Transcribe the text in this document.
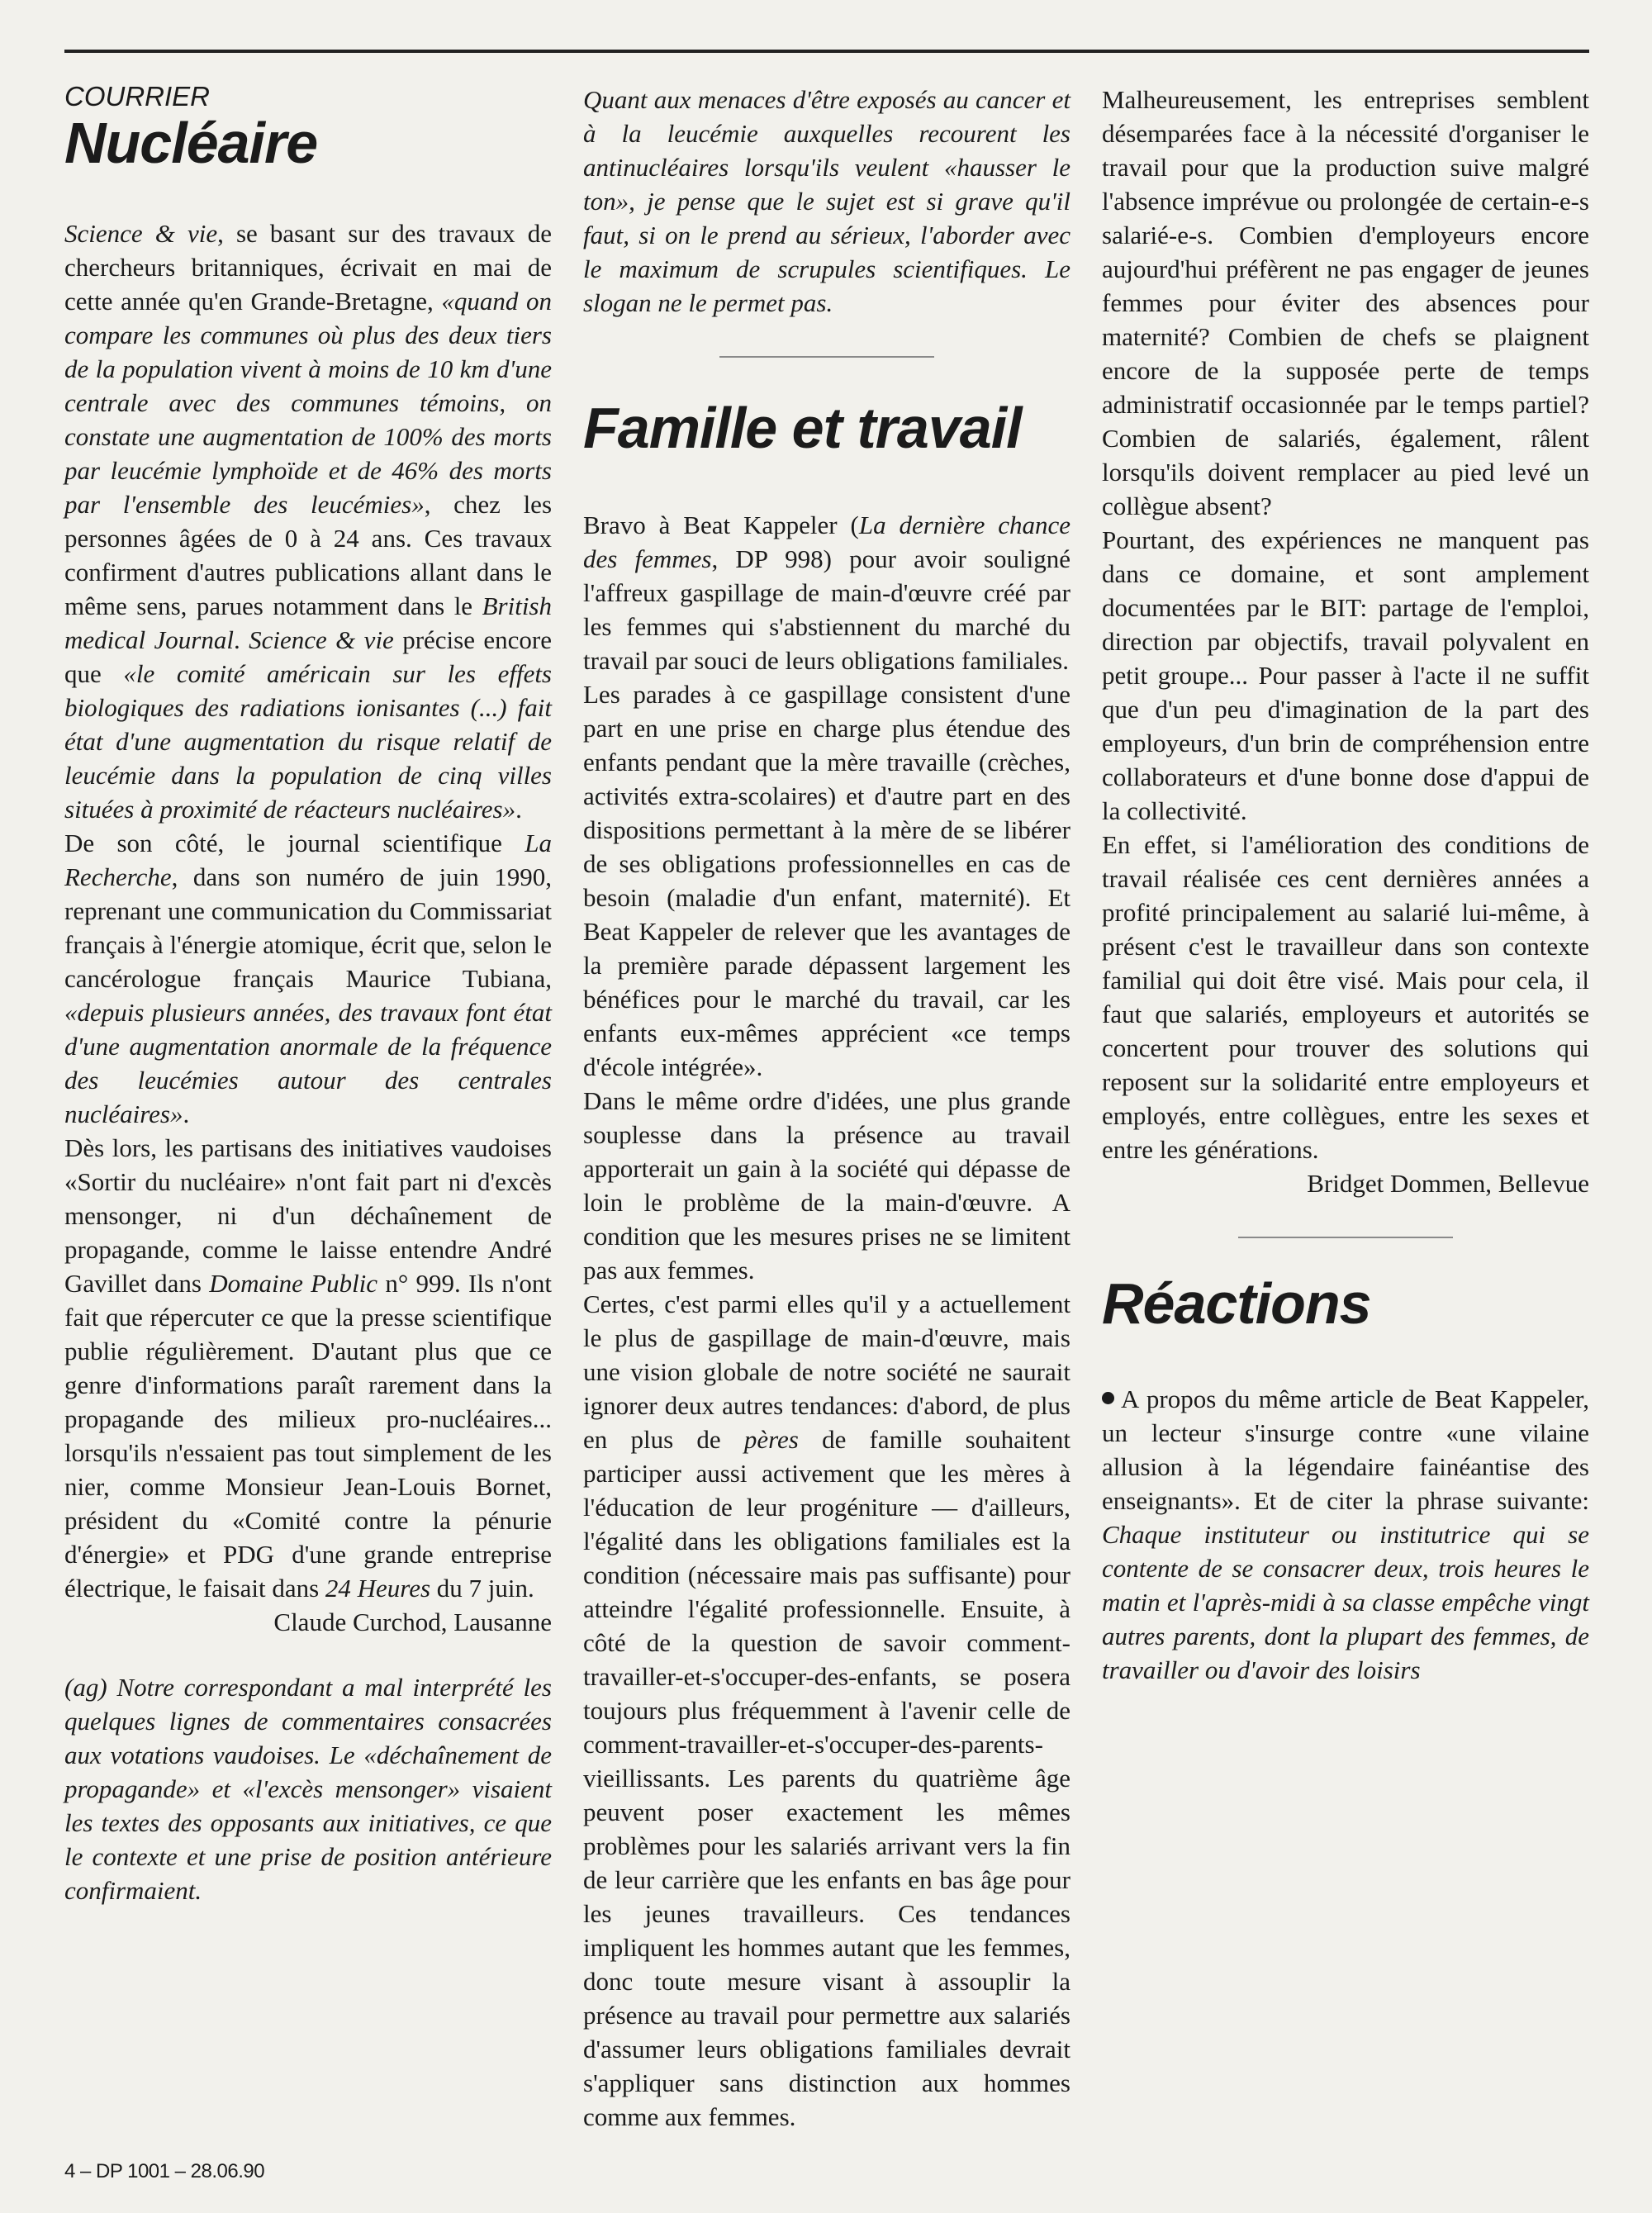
COURRIER
Nucléaire

Science & vie, se basant sur des travaux de chercheurs britanniques, écrivait en mai de cette année qu'en Grande-Bretagne, «quand on compare les communes où plus des deux tiers de la population vivent à moins de 10 km d'une centrale avec des communes témoins, on constate une augmentation de 100% des morts par leucémie lymphoïde et de 46% des morts par l'ensemble des leucémies», chez les personnes âgées de 0 à 24 ans. Ces travaux confirment d'autres publications allant dans le même sens, parues notamment dans le British medical Journal. Science & vie précise encore que «le comité américain sur les effets biologiques des radiations ionisantes (...) fait état d'une augmentation du risque relatif de leucémie dans la population de cinq villes situées à proximité de réacteurs nucléaires».

De son côté, le journal scientifique La Recherche, dans son numéro de juin 1990, reprenant une communication du Commissariat français à l'énergie atomique, écrit que, selon le cancérologue français Maurice Tubiana, «depuis plusieurs années, des travaux font état d'une augmentation anormale de la fréquence des leucémies autour des centrales nucléaires».

Dès lors, les partisans des initiatives vaudoises «Sortir du nucléaire» n'ont fait part ni d'excès mensonger, ni d'un déchaînement de propagande, comme le laisse entendre André Gavillet dans Domaine Public n° 999. Ils n'ont fait que répercuter ce que la presse scientifique publie régulièrement. D'autant plus que ce genre d'informations paraît rarement dans la propagande des milieux pro-nucléaires... lorsqu'ils n'essaient pas tout simplement de les nier, comme Monsieur Jean-Louis Bornet, président du «Comité contre la pénurie d'énergie» et PDG d'une grande entreprise électrique, le faisait dans 24 Heures du 7 juin.

Claude Curchod, Lausanne

(ag) Notre correspondant a mal interprété les quelques lignes de commentaires consacrées aux votations vaudoises. Le «déchaînement de propagande» et «l'excès mensonger» visaient les textes des opposants aux initiatives, ce que le contexte et une prise de position antérieure confirmaient.

Quant aux menaces d'être exposés au cancer et à la leucémie auxquelles recourent les antinucléaires lorsqu'ils veulent «hausser le ton», je pense que le sujet est si grave qu'il faut, si on le prend au sérieux, l'aborder avec le maximum de scrupules scientifiques. Le slogan ne le permet pas.

Famille et travail

Bravo à Beat Kappeler (La dernière chance des femmes, DP 998) pour avoir souligné l'affreux gaspillage de main-d'œuvre créé par les femmes qui s'abstiennent du marché du travail par souci de leurs obligations familiales.

Les parades à ce gaspillage consistent d'une part en une prise en charge plus étendue des enfants pendant que la mère travaille (crèches, activités extra-scolaires) et d'autre part en des dispositions permettant à la mère de se libérer de ses obligations professionnelles en cas de besoin (maladie d'un enfant, maternité). Et Beat Kappeler de relever que les avantages de la première parade dépassent largement les bénéfices pour le marché du travail, car les enfants eux-mêmes apprécient «ce temps d'école intégrée».

Dans le même ordre d'idées, une plus grande souplesse dans la présence au travail apporterait un gain à la société qui dépasse de loin le problème de la main-d'œuvre. A condition que les mesures prises ne se limitent pas aux femmes.

Certes, c'est parmi elles qu'il y a actuellement le plus de gaspillage de main-d'œuvre, mais une vision globale de notre société ne saurait ignorer deux autres tendances: d'abord, de plus en plus de pères de famille souhaitent participer aussi activement que les mères à l'éducation de leur progéniture — d'ailleurs, l'égalité dans les obligations familiales est la condition (nécessaire mais pas suffisante) pour atteindre l'égalité professionnelle. Ensuite, à côté de la question de savoir comment-travailler-et-s'occuper-des-enfants, se posera toujours plus fréquemment à l'avenir celle de comment-travailler-et-s'occuper-des-parents-vieillissants. Les parents du quatrième âge peuvent poser exactement les mêmes problèmes pour les salariés arrivant vers la fin de leur carrière que les enfants en bas âge pour les jeunes travailleurs. Ces tendances impliquent les hommes autant que les femmes, donc toute mesure visant à assouplir la présence au travail pour permettre aux salariés d'assumer leurs obligations familiales devrait s'appliquer sans distinction aux hommes comme aux femmes.

Malheureusement, les entreprises semblent désemparées face à la nécessité d'organiser le travail pour que la production suive malgré l'absence imprévue ou prolongée de certain-e-s salarié-e-s. Combien d'employeurs encore aujourd'hui préfèrent ne pas engager de jeunes femmes pour éviter des absences pour maternité? Combien de chefs se plaignent encore de la supposée perte de temps administratif occasionnée par le temps partiel? Combien de salariés, également, râlent lorsqu'ils doivent remplacer au pied levé un collègue absent?

Pourtant, des expériences ne manquent pas dans ce domaine, et sont amplement documentées par le BIT: partage de l'emploi, direction par objectifs, travail polyvalent en petit groupe... Pour passer à l'acte il ne suffit que d'un peu d'imagination de la part des employeurs, d'un brin de compréhension entre collaborateurs et d'une bonne dose d'appui de la collectivité.

En effet, si l'amélioration des conditions de travail réalisée ces cent dernières années a profité principalement au salarié lui-même, à présent c'est le travailleur dans son contexte familial qui doit être visé. Mais pour cela, il faut que salariés, employeurs et autorités se concertent pour trouver des solutions qui reposent sur la solidarité entre employeurs et employés, entre collègues, entre les sexes et entre les générations.

Bridget Dommen, Bellevue

Réactions

A propos du même article de Beat Kappeler, un lecteur s'insurge contre «une vilaine allusion à la légendaire fainéantise des enseignants». Et de citer la phrase suivante: Chaque instituteur ou institutrice qui se contente de se consacrer deux, trois heures le matin et l'après-midi à sa classe empêche vingt autres parents, dont la plupart des femmes, de travailler ou d'avoir des loisirs

4 – DP 1001 – 28.06.90
